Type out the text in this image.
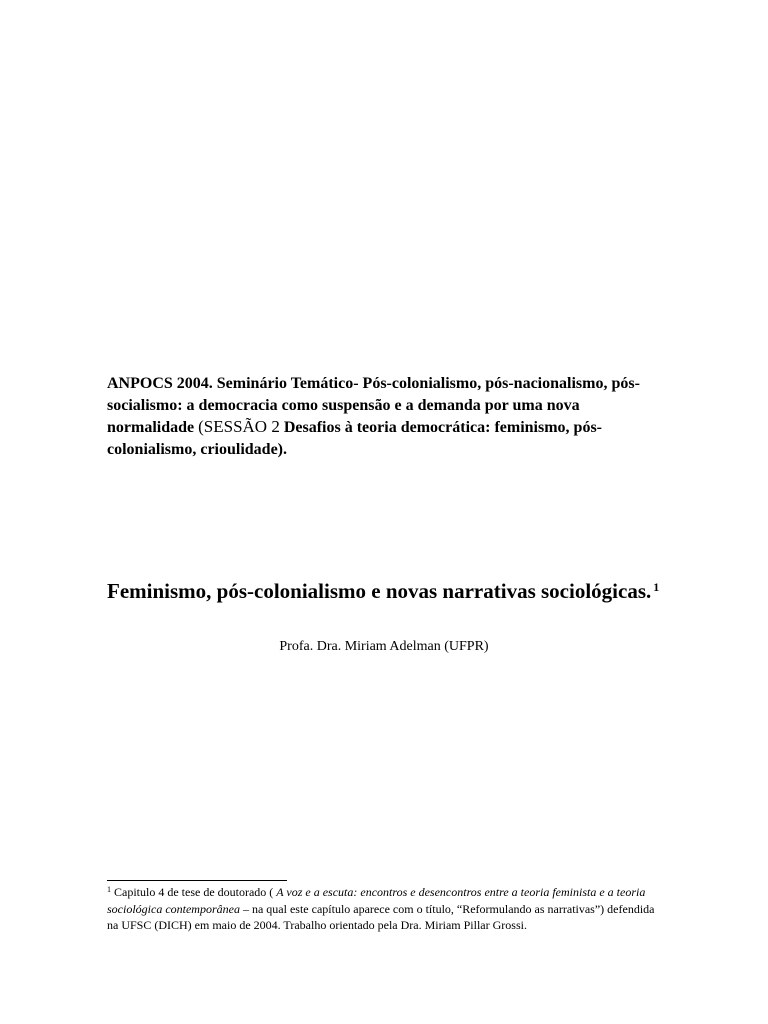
ANPOCS 2004. Seminário Temático- Pós-colonialismo, pós-nacionalismo, pós-socialismo: a democracia como suspensão e a demanda por uma nova normalidade (SESSÃO 2 Desafios à teoria democrática: feminismo, pós-colonialismo, crioulidade).

Feminismo, pós-colonialismo e novas narrativas sociológicas. $^1$

Profa. Dra. Miriam Adelman (UFPR)

$^1$ Capitulo 4 de tese de doutorado ( A voz e a escuta: encontros e desencontros entre a teoria feminista e a teoria sociológica contemporânea – na qual este capítulo aparece com o título, “Reformulando as narrativas”) defendida na UFSC (DICH) em maio de 2004. Trabalho orientado pela Dra. Miriam Pillar Grossi.
